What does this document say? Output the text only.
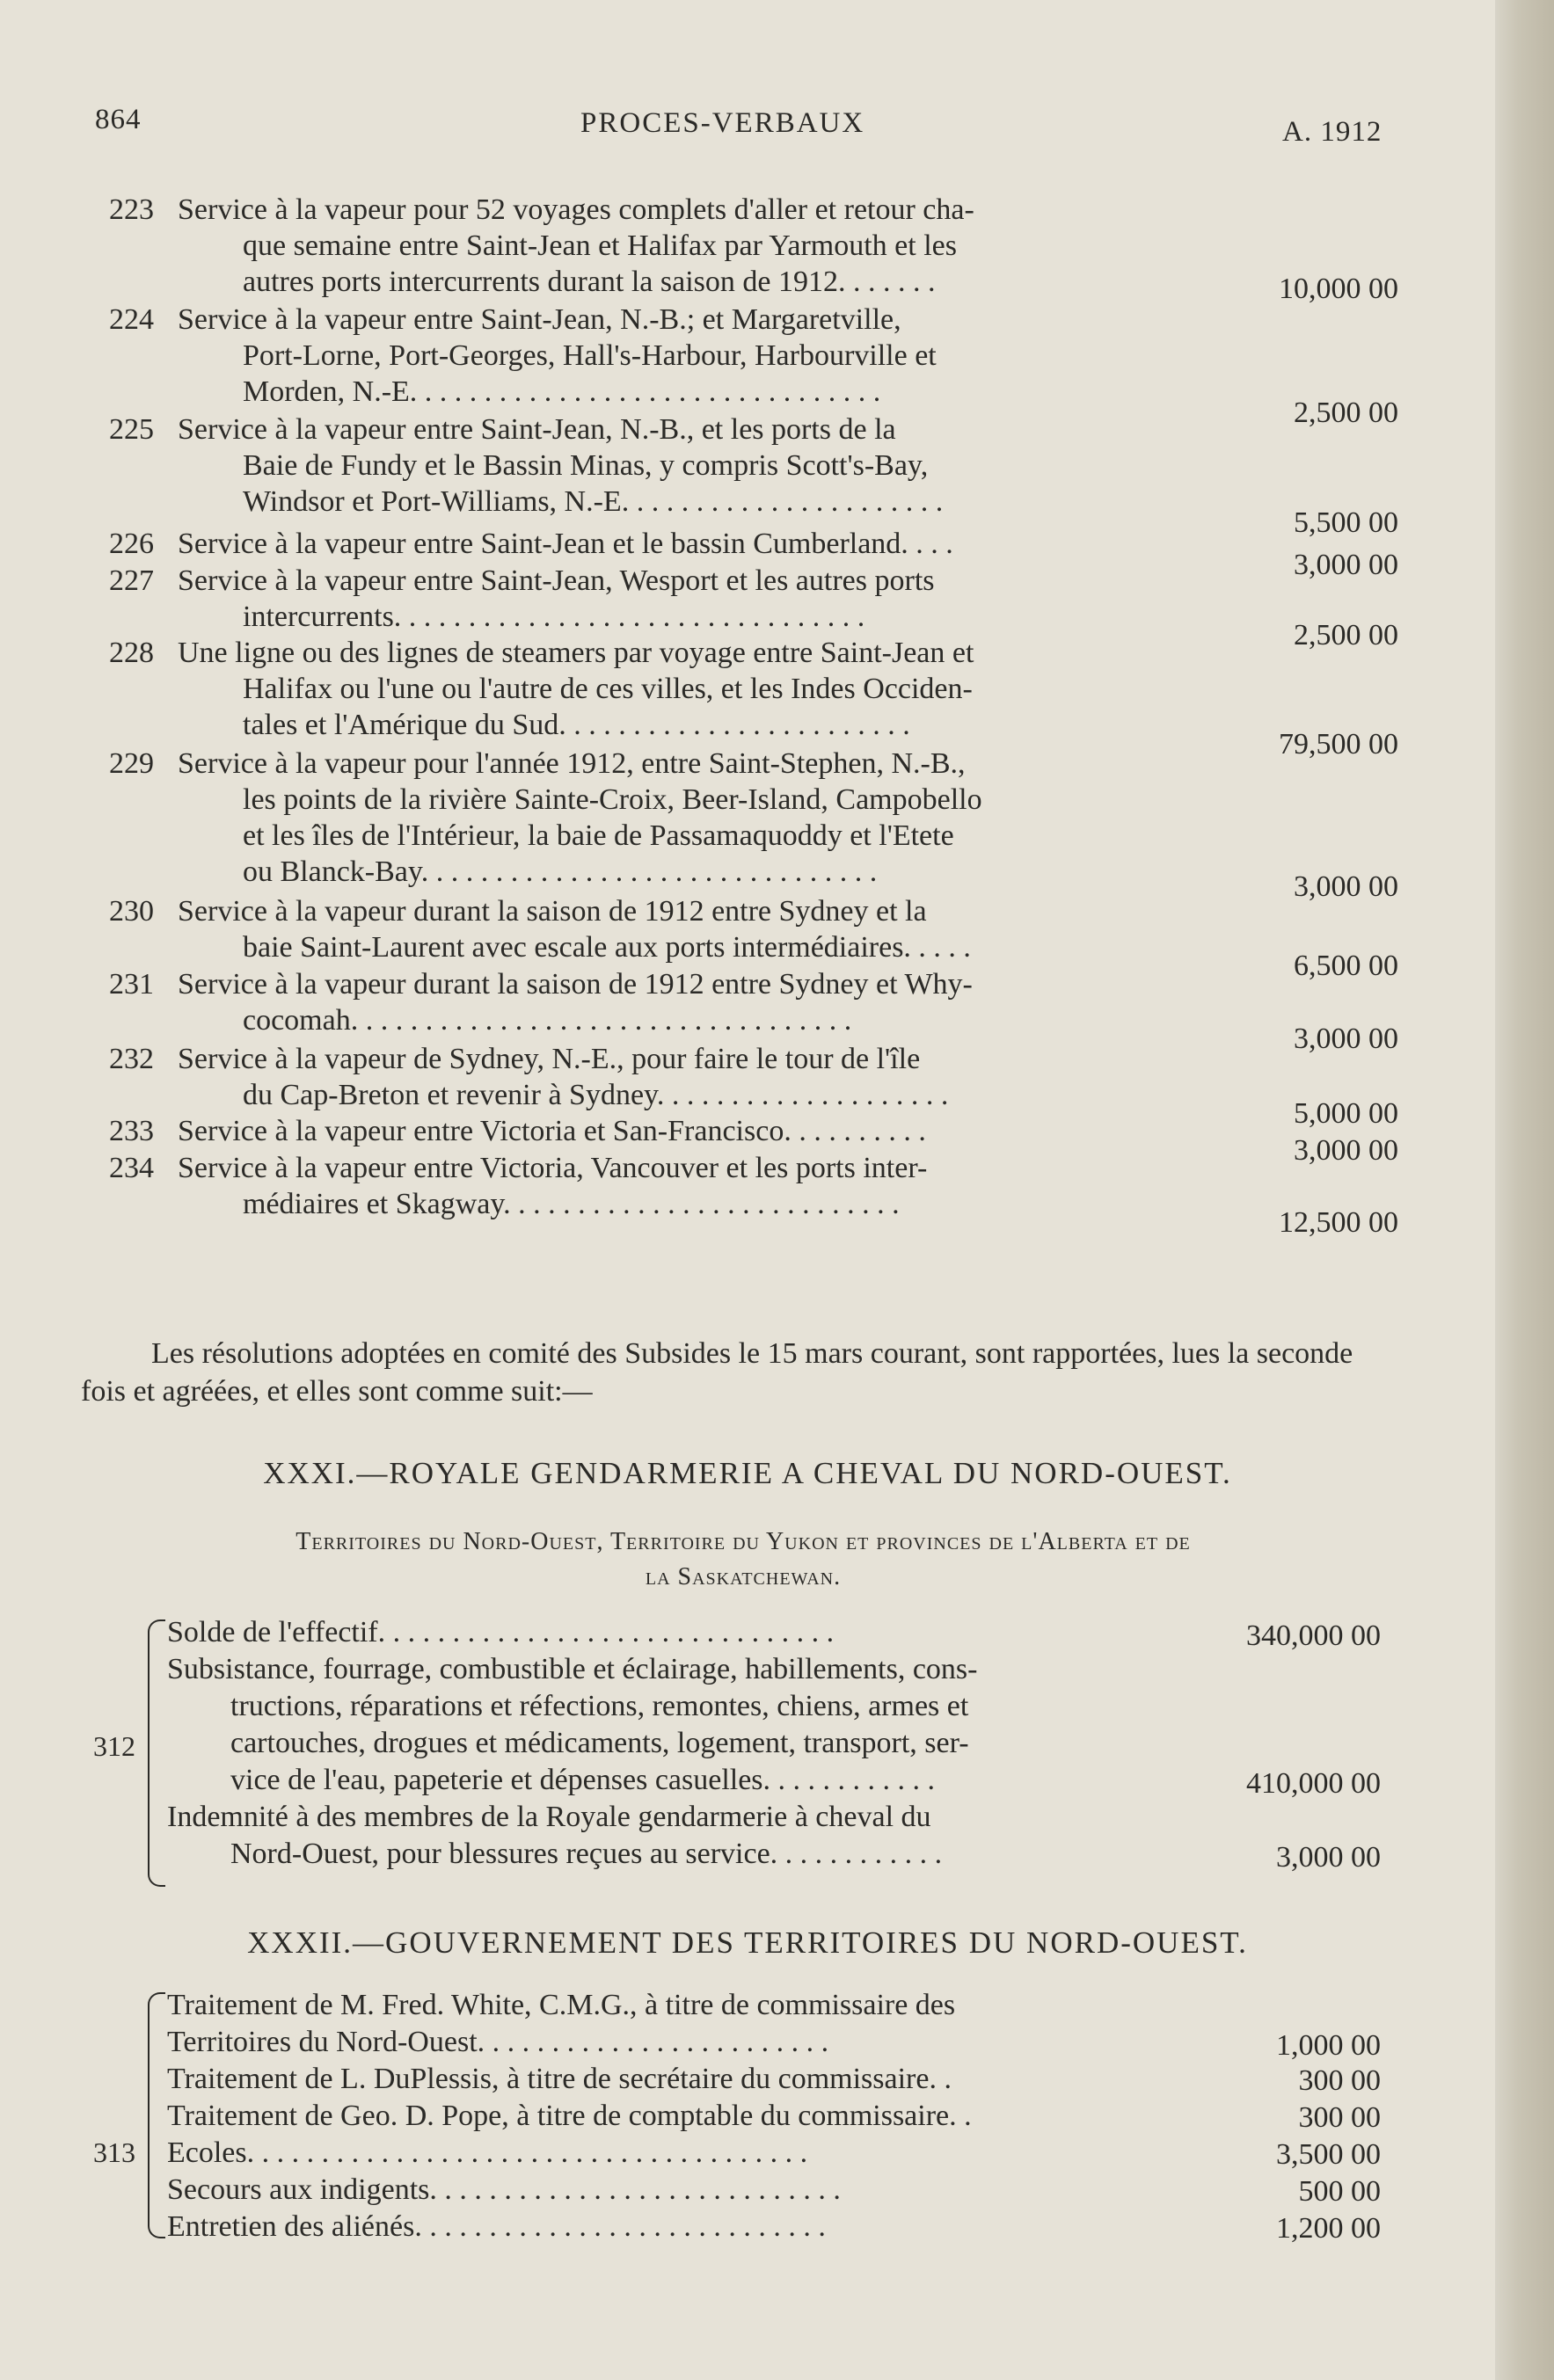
864	PROCES-VERBAUX	A. 1912
223 Service à la vapeur pour 52 voyages complets d'aller et retour cha-
que semaine entre Saint-Jean et Halifax par Yarmouth et les
autres ports intercurrents durant la saison de 1912. . . . . . .	10,000 00
224 Service à la vapeur entre Saint-Jean, N.-B.; et Margaretville,
Port-Lorne, Port-Georges, Hall's-Harbour, Harbourville et
Morden, N.-E. . . . . . . . . . . . . . . . . . . . . . . . . . . . . . . .
2,500 00
225 Service à la vapeur entre Saint-Jean, N.-B., et les ports de la
Baie de Fundy et le Bassin Minas, y compris Scott's-Bay,
Windsor et Port-Williams, N.-E. . . . . . . . . . . . . . . . . . . . . .
5,500 00
226 Service à la vapeur entre Saint-Jean et le bassin Cumberland. . . .
3,000 00
227 Service à la vapeur entre Saint-Jean, Wesport et les autres ports
intercurrents. . . . . . . . . . . . . . . . . . . . . . . . . . . . . . . .
2,500 00
228 Une ligne ou des lignes de steamers par voyage entre Saint-Jean et
Halifax ou l'une ou l'autre de ces villes, et les Indes Occiden-
tales et l'Amérique du Sud. . . . . . . . . . . . . . . . . . . . . . . .
79,500 00
229 Service à la vapeur pour l'année 1912, entre Saint-Stephen, N.-B.,
les points de la rivière Sainte-Croix, Beer-Island, Campobello
et les îles de l'Intérieur, la baie de Passamaquoddy et l'Etete
ou Blanck-Bay. . . . . . . . . . . . . . . . . . . . . . . . . . . . . . .	3,000 00
230 Service à la vapeur durant la saison de 1912 entre Sydney et la
baie Saint-Laurent avec escale aux ports intermédiaires. . . . .
6,500 00
231 Service à la vapeur durant la saison de 1912 entre Sydney et Why-
cocomah. . . . . . . . . . . . . . . . . . . . . . . . . . . . . . . . . .
3,000 00
232 Service à la vapeur de Sydney, N.-E., pour faire le tour de l'île
du Cap-Breton et revenir à Sydney. . . . . . . . . . . . . . . . . . . .
5,000 00
233 Service à la vapeur entre Victoria et San-Francisco. . . . . . . . . .
3,000 00
234 Service à la vapeur entre Victoria, Vancouver et les ports inter-
médiaires et Skagway. . . . . . . . . . . . . . . . . . . . . . . . . . .
12,500 00
Les résolutions adoptées en comité des Subsides le 15 mars courant, sont rapportées, lues la seconde fois et agréées, et elles sont comme suit:—
XXXI.—ROYALE GENDARMERIE A CHEVAL DU NORD-OUEST.
Territoires du Nord-Ouest, Territoire du Yukon et provinces de l'Alberta et de
la Saskatchewan.
312
Solde de l'effectif. . . . . . . . . . . . . . . . . . . . . . . . . . . . . . .	340,000 00
Subsistance, fourrage, combustible et éclairage, habillements, cons-
tructions, réparations et réfections, remontes, chiens, armes et
cartouches, drogues et médicaments, logement, transport, ser-
vice de l'eau, papeterie et dépenses casuelles. . . . . . . . . . . .	410,000 00
Indemnité à des membres de la Royale gendarmerie à cheval du
Nord-Ouest, pour blessures reçues au service. . . . . . . . . . . .	3,000 00
XXXII.—GOUVERNEMENT DES TERRITOIRES DU NORD-OUEST.
313
Traitement de M. Fred. White, C.M.G., à titre de commissaire des
Territoires du Nord-Ouest. . . . . . . . . . . . . . . . . . . . . . . .	1,000 00
Traitement de L. DuPlessis, à titre de secrétaire du commissaire. .	300 00
Traitement de Geo. D. Pope, à titre de comptable du commissaire. .	300 00
Ecoles. . . . . . . . . . . . . . . . . . . . . . . . . . . . . . . . . . . . . .	3,500 00
Secours aux indigents. . . . . . . . . . . . . . . . . . . . . . . . . . . .	500 00
Entretien des aliénés. . . . . . . . . . . . . . . . . . . . . . . . . . . .	1,200 00
